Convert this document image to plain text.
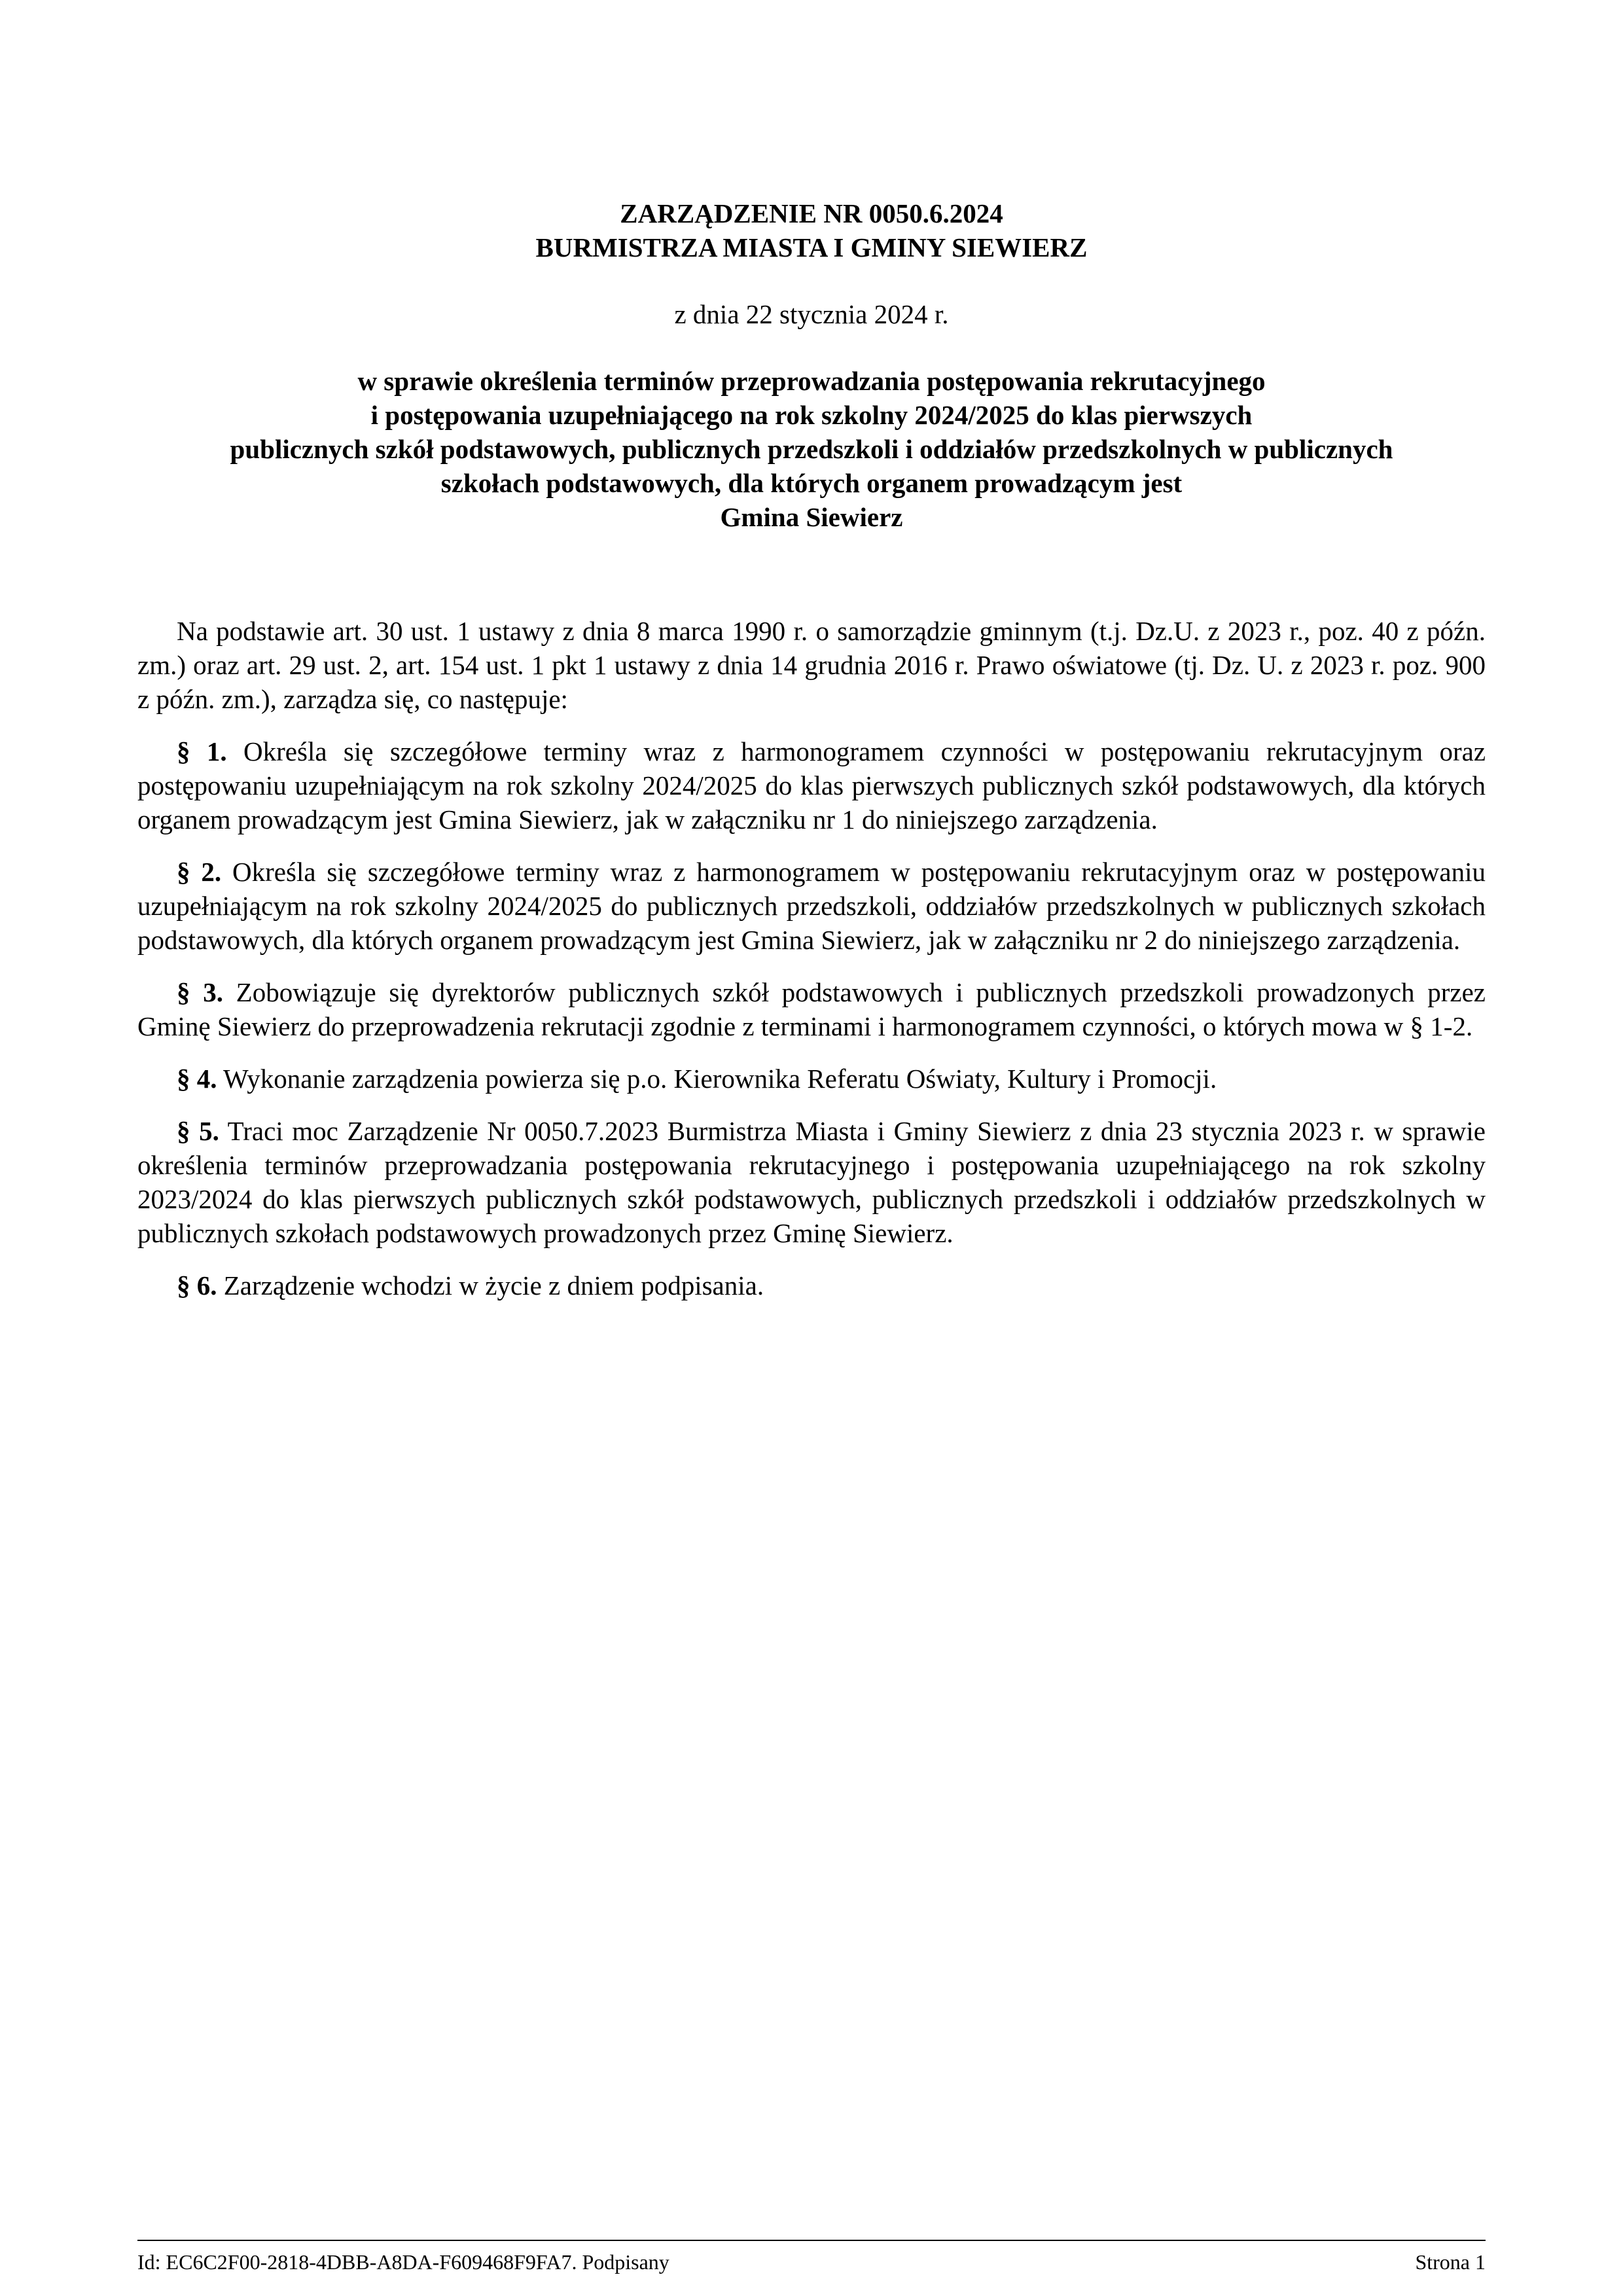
ZARZĄDZENIE NR 0050.6.2024
BURMISTRZA MIASTA I GMINY SIEWIERZ
z dnia 22 stycznia 2024 r.
w sprawie określenia terminów przeprowadzania postępowania rekrutacyjnego
i postępowania uzupełniającego na rok szkolny 2024/2025 do klas pierwszych
publicznych szkół podstawowych, publicznych przedszkoli i oddziałów przedszkolnych w publicznych
szkołach podstawowych, dla których organem prowadzącym jest
Gmina Siewierz

Na podstawie art. 30 ust. 1 ustawy z dnia 8 marca 1990 r. o samorządzie gminnym (t.j. Dz.U. z 2023 r., poz. 40 z późn. zm.) oraz art. 29 ust. 2, art. 154 ust. 1 pkt 1 ustawy z dnia 14 grudnia 2016 r. Prawo oświatowe (tj. Dz. U. z 2023 r. poz. 900 z późn. zm.), zarządza się, co następuje:

§ 1. Określa się szczegółowe terminy wraz z harmonogramem czynności w postępowaniu rekrutacyjnym oraz postępowaniu uzupełniającym na rok szkolny 2024/2025 do klas pierwszych publicznych szkół podstawowych, dla których organem prowadzącym jest Gmina Siewierz, jak w załączniku nr 1 do niniejszego zarządzenia.

§ 2. Określa się szczegółowe terminy wraz z harmonogramem w postępowaniu rekrutacyjnym oraz w postępowaniu uzupełniającym na rok szkolny 2024/2025 do publicznych przedszkoli, oddziałów przedszkolnych w publicznych szkołach podstawowych, dla których organem prowadzącym jest Gmina Siewierz, jak w załączniku nr 2 do niniejszego zarządzenia.

§ 3. Zobowiązuje się dyrektorów publicznych szkół podstawowych i publicznych przedszkoli prowadzonych przez Gminę Siewierz do przeprowadzenia rekrutacji zgodnie z terminami i harmonogramem czynności, o których mowa w § 1-2.

§ 4. Wykonanie zarządzenia powierza się p.o. Kierownika Referatu Oświaty, Kultury i Promocji.

§ 5. Traci moc Zarządzenie Nr 0050.7.2023 Burmistrza Miasta i Gminy Siewierz z dnia 23 stycznia 2023 r. w sprawie określenia terminów przeprowadzania postępowania rekrutacyjnego i postępowania uzupełniającego na rok szkolny 2023/2024 do klas pierwszych publicznych szkół podstawowych, publicznych przedszkoli i oddziałów przedszkolnych w publicznych szkołach podstawowych prowadzonych przez Gminę Siewierz.

§ 6. Zarządzenie wchodzi w życie z dniem podpisania.

Id: EC6C2F00-2818-4DBB-A8DA-F609468F9FA7. Podpisany	Strona 1
